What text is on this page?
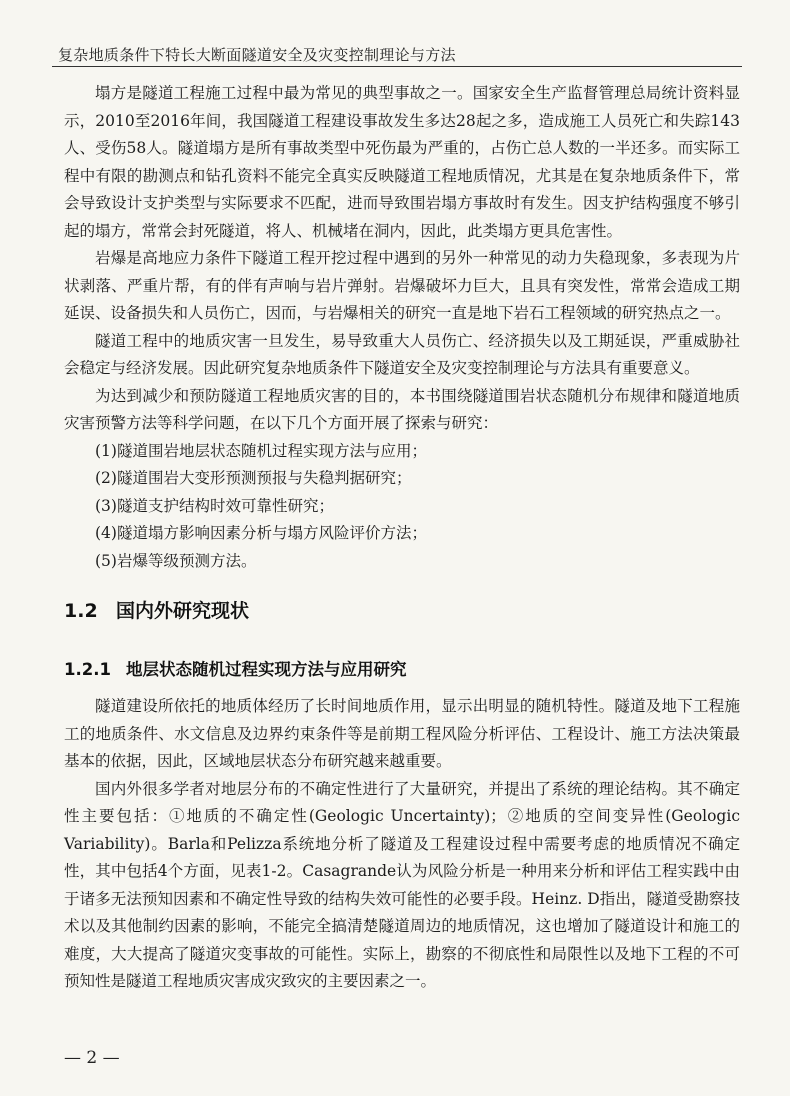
复杂地质条件下特长大断面隧道安全及灾变控制理论与方法

塌方是隧道工程施工过程中最为常见的典型事故之一。国家安全生产监督管理总局统计资料显示，2010至2016年间，我国隧道工程建设事故发生多达28起之多，造成施工人员死亡和失踪143人、受伤58人。隧道塌方是所有事故类型中死伤最为严重的，占伤亡总人数的一半还多。而实际工程中有限的勘测点和钻孔资料不能完全真实反映隧道工程地质情况，尤其是在复杂地质条件下，常会导致设计支护类型与实际要求不匹配，进而导致围岩塌方事故时有发生。因支护结构强度不够引起的塌方，常常会封死隧道，将人、机械堵在洞内，因此，此类塌方更具危害性。

岩爆是高地应力条件下隧道工程开挖过程中遇到的另外一种常见的动力失稳现象，多表现为片状剥落、严重片帮，有的伴有声响与岩片弹射。岩爆破坏力巨大，且具有突发性，常常会造成工期延误、设备损失和人员伤亡，因而，与岩爆相关的研究一直是地下岩石工程领域的研究热点之一。

隧道工程中的地质灾害一旦发生，易导致重大人员伤亡、经济损失以及工期延误，严重威胁社会稳定与经济发展。因此研究复杂地质条件下隧道安全及灾变控制理论与方法具有重要意义。

为达到减少和预防隧道工程地质灾害的目的，本书围绕隧道围岩状态随机分布规律和隧道地质灾害预警方法等科学问题，在以下几个方面开展了探索与研究：

(1)隧道围岩地层状态随机过程实现方法与应用；
(2)隧道围岩大变形预测预报与失稳判据研究；
(3)隧道支护结构时效可靠性研究；
(4)隧道塌方影响因素分析与塌方风险评价方法；
(5)岩爆等级预测方法。
1.2 国内外研究现状
1.2.1 地层状态随机过程实现方法与应用研究

隧道建设所依托的地质体经历了长时间地质作用，显示出明显的随机特性。隧道及地下工程施工的地质条件、水文信息及边界约束条件等是前期工程风险分析评估、工程设计、施工方法决策最基本的依据，因此，区域地层状态分布研究越来越重要。

国内外很多学者对地层分布的不确定性进行了大量研究，并提出了系统的理论结构。其不确定性主要包括：①地质的不确定性(Geologic Uncertainty)；②地质的空间变异性(Geologic Variability)。Barla和Pelizza系统地分析了隧道及工程建设过程中需要考虑的地质情况不确定性，其中包括4个方面，见表1-2。Casagrande认为风险分析是一种用来分析和评估工程实践中由于诸多无法预知因素和不确定性导致的结构失效可能性的必要手段。Heinz. D指出，隧道受勘察技术以及其他制约因素的影响，不能完全搞清楚隧道周边的地质情况，这也增加了隧道设计和施工的难度，大大提高了隧道灾变事故的可能性。实际上，勘察的不彻底性和局限性以及地下工程的不可预知性是隧道工程地质灾害成灾致灾的主要因素之一。

— 2 —
